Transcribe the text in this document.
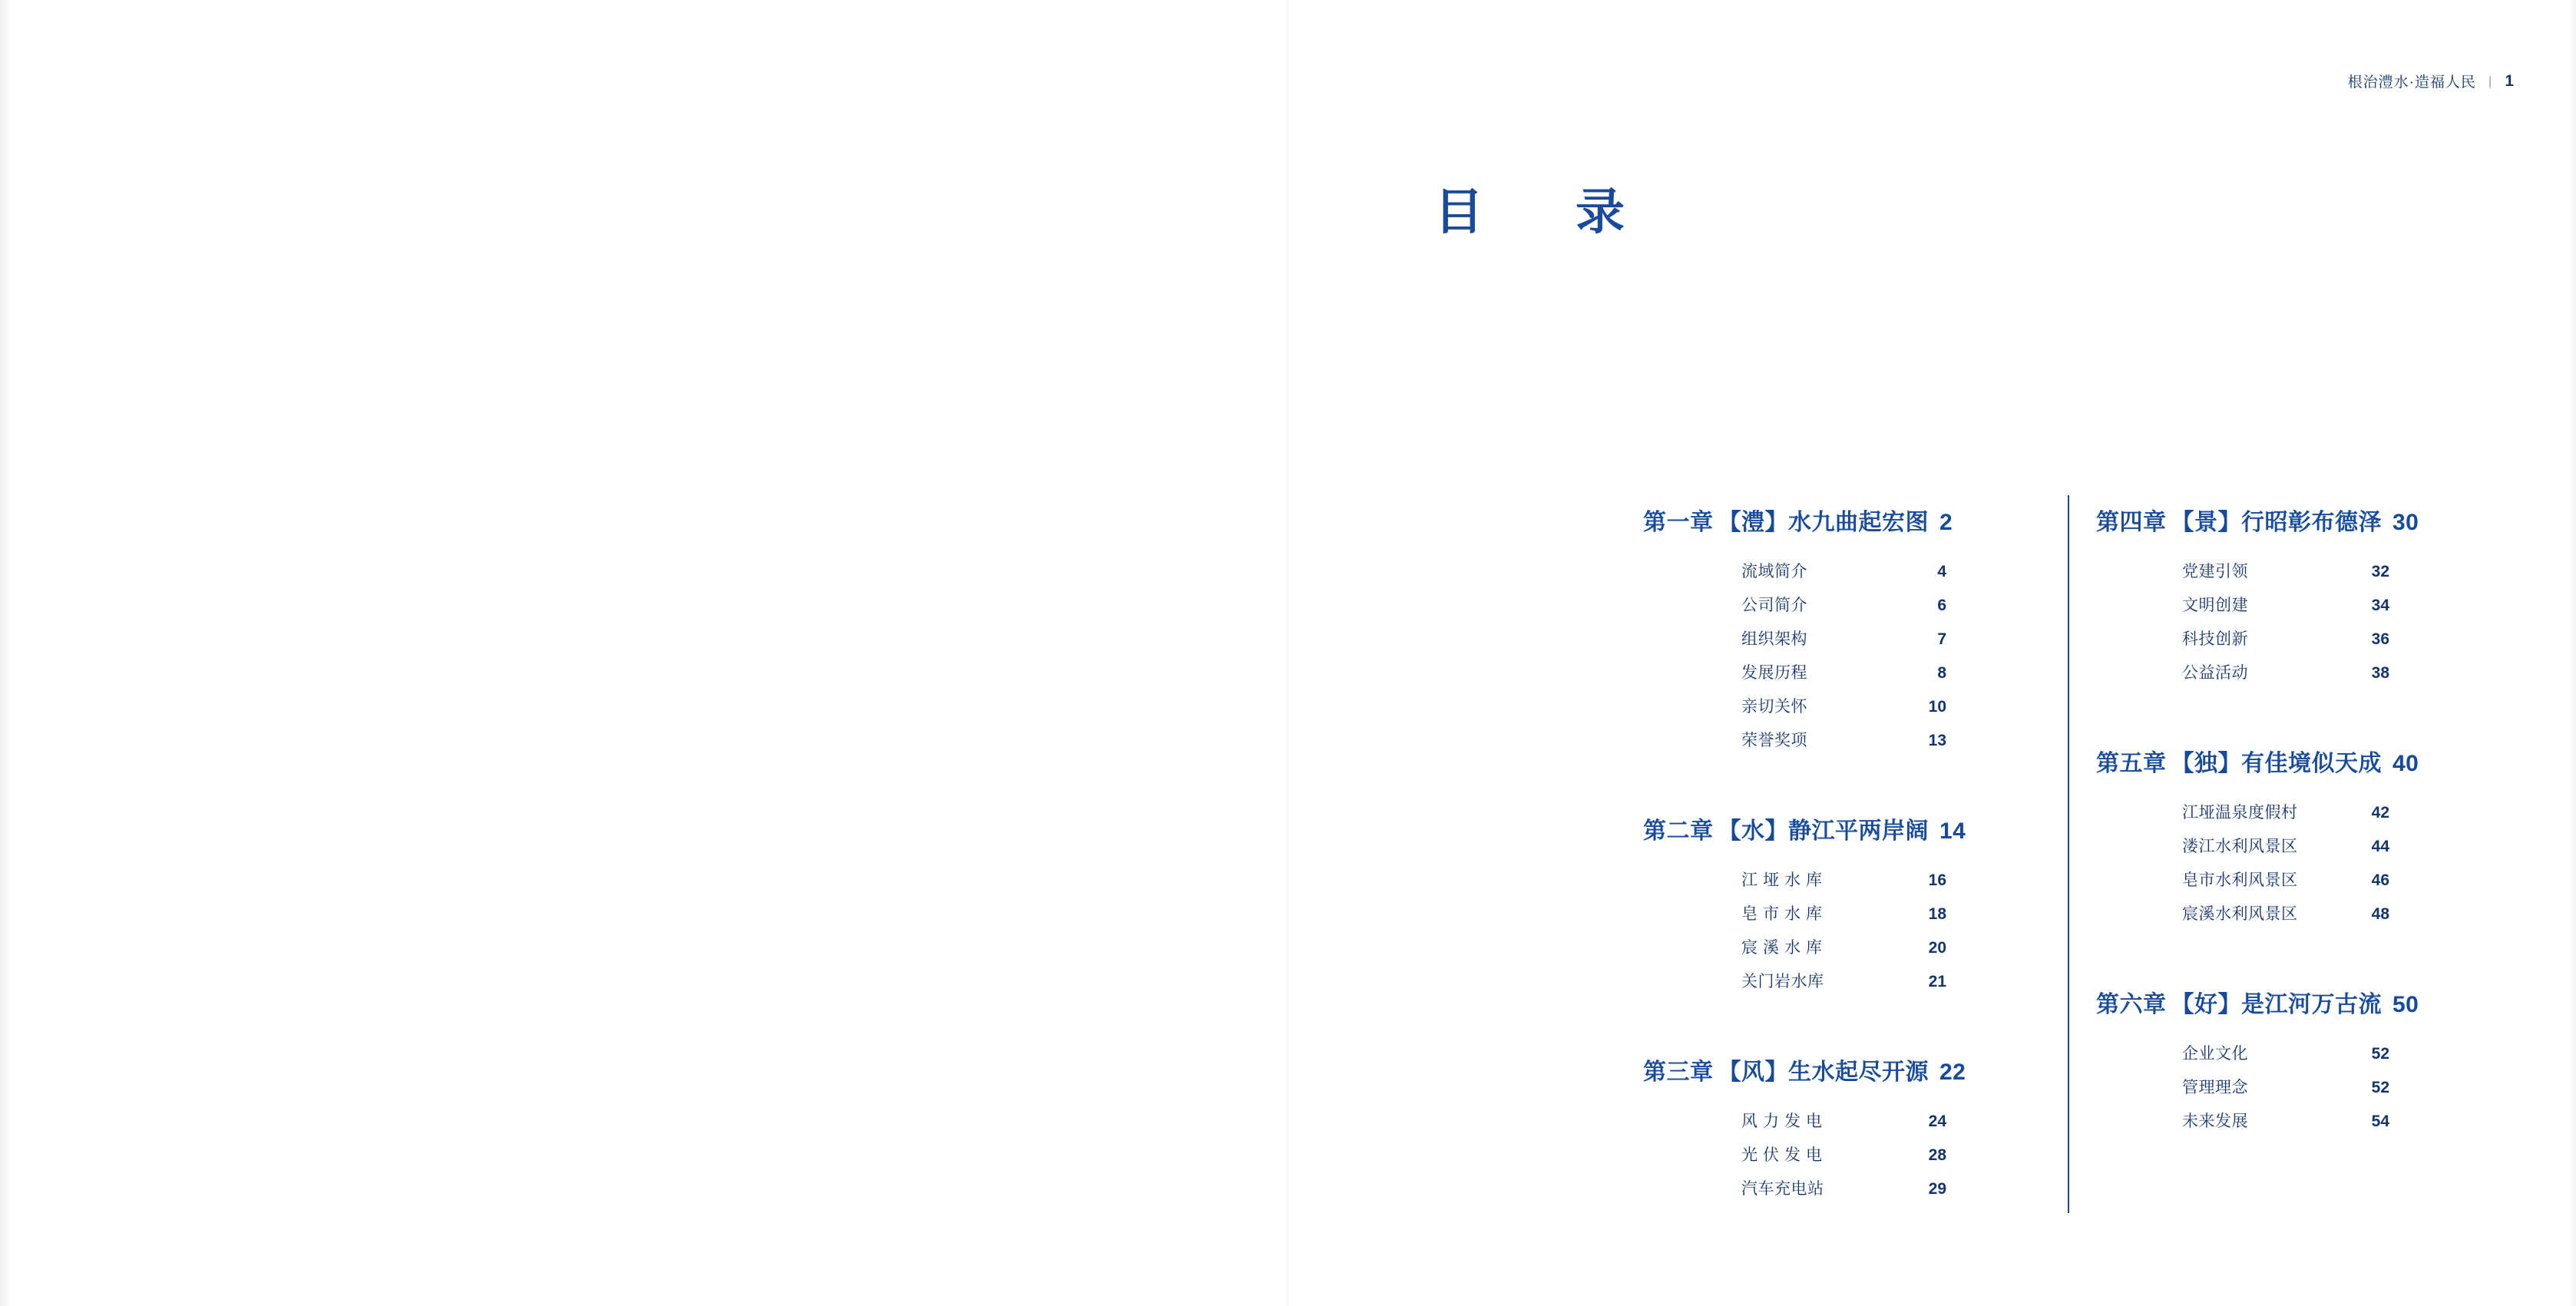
根治澧水·造福人民 | 1
目　录
第一章 【澧】水九曲起宏图 2
流域简介	4
公司简介	6
组织架构	7
发展历程	8
亲切关怀	10
荣誉奖项	13
第二章 【水】静江平两岸阔 14
江垭水库	16
皂市水库	18
宸溪水库	20
关门岩水库	21
第三章 【风】生水起尽开源 22
风力发电	24
光伏发电	28
汽车充电站	29
第四章 【景】行昭彰布德泽 30
党建引领	32
文明创建	34
科技创新	36
公益活动	38
第五章 【独】有佳境似天成 40
江垭温泉度假村	42
溇江水利风景区	44
皂市水利风景区	46
宸溪水利风景区	48
第六章 【好】是江河万古流 50
企业文化	52
管理理念	52
未来发展	54
